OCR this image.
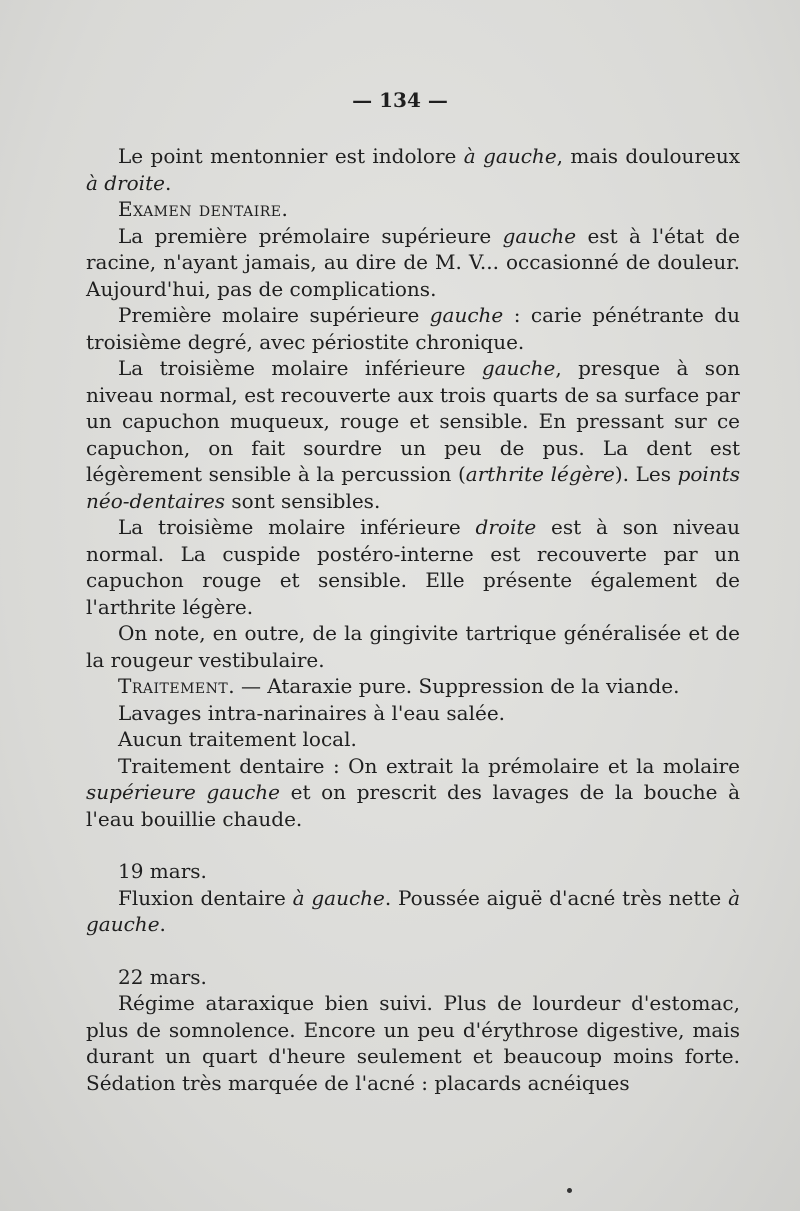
— 134 —

Le point mentonnier est indolore à gauche, mais douloureux à droite.

Examen dentaire.

La première prémolaire supérieure gauche est à l'état de racine, n'ayant jamais, au dire de M. V... occasionné de douleur. Aujourd'hui, pas de complications.

Première molaire supérieure gauche : carie pénétrante du troisième degré, avec périostite chronique.

La troisième molaire inférieure gauche, presque à son niveau normal, est recouverte aux trois quarts de sa surface par un capuchon muqueux, rouge et sensible. En pressant sur ce capuchon, on fait sourdre un peu de pus. La dent est légèrement sensible à la percussion (arthrite légère). Les points néo-dentaires sont sensibles.

La troisième molaire inférieure droite est à son niveau normal. La cuspide postéro-interne est recouverte par un capuchon rouge et sensible. Elle présente également de l'arthrite légère.

On note, en outre, de la gingivite tartrique généralisée et de la rougeur vestibulaire.

Traitement. — Ataraxie pure. Suppression de la viande.

Lavages intra-narinaires à l'eau salée.

Aucun traitement local.

Traitement dentaire : On extrait la prémolaire et la molaire supérieure gauche et on prescrit des lavages de la bouche à l'eau bouillie chaude.

19 mars.

Fluxion dentaire à gauche. Poussée aiguë d'acné très nette à gauche.

22 mars.

Régime ataraxique bien suivi. Plus de lourdeur d'estomac, plus de somnolence. Encore un peu d'érythrose digestive, mais durant un quart d'heure seulement et beaucoup moins forte. Sédation très marquée de l'acné : placards acnéiques
